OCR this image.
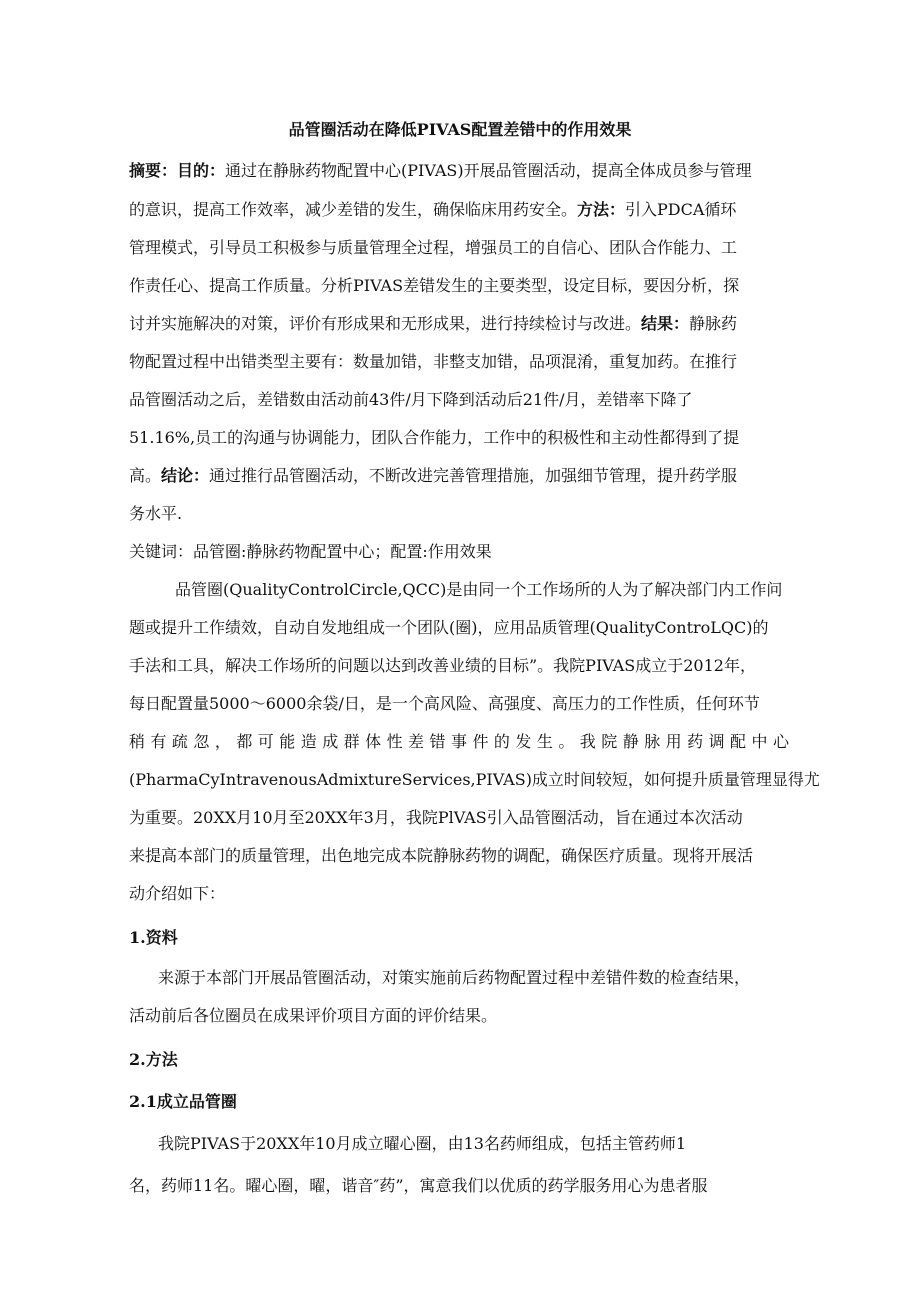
品管圈活动在降低PIVAS配置差错中的作用效果
摘要：目的：通过在静脉药物配置中心(PIVAS)开展品管圈活动，提高全体成员参与管理
的意识，提高工作效率，减少差错的发生，确保临床用药安全。方法：引入PDCA循环
管理模式，引导员工积极参与质量管理全过程，增强员工的自信心、团队合作能力、工
作责任心、提高工作质量。分析PIVAS差错发生的主要类型，设定目标，要因分析，探
讨并实施解决的对策，评价有形成果和无形成果，进行持续检讨与改进。结果：静脉药
物配置过程中出错类型主要有：数量加错，非整支加错，品项混淆，重复加药。在推行
品管圈活动之后，差错数由活动前43件/月下降到活动后21件/月，差错率下降了
51.16%,员工的沟通与协调能力，团队合作能力，工作中的积极性和主动性都得到了提
高。结论：通过推行品管圈活动，不断改进完善管理措施，加强细节管理，提升药学服
务水平.
关键词：品管圈:静脉药物配置中心；配置:作用效果
品管圈(QualityControlCircle,QCC)是由同一个工作场所的人为了解决部门内工作问
题或提升工作绩效，自动自发地组成一个团队(圈)，应用品质管理(QualityControLQC)的
手法和工具，解决工作场所的问题以达到改善业绩的目标”。我院PIVAS成立于2012年，
每日配置量5000～6000余袋/日，是一个高风险、高强度、高压力的工作性质，任何环节
稍有疏忽，都可能造成群体性差错事件的发生。我院静脉用药调配中心
(PharmaCyIntravenousAdmixtureServices,PIVAS)成立时间较短，如何提升质量管理显得尤
为重要。20XX月10月至20XX年3月，我院PlVAS引入品管圈活动，旨在通过本次活动
来提高本部门的质量管理，出色地完成本院静脉药物的调配，确保医疗质量。现将开展活
动介绍如下：
1.资料
来源于本部门开展品管圈活动，对策实施前后药物配置过程中差错件数的检查结果，
活动前后各位圈员在成果评价项目方面的评价结果。
2.方法
2.1成立品管圈
我院PIVAS于20XX年10月成立曜心圈，由13名药师组成，包括主管药师1
名，药师11名。曜心圈，曜，谐音″药”，寓意我们以优质的药学服务用心为患者服
